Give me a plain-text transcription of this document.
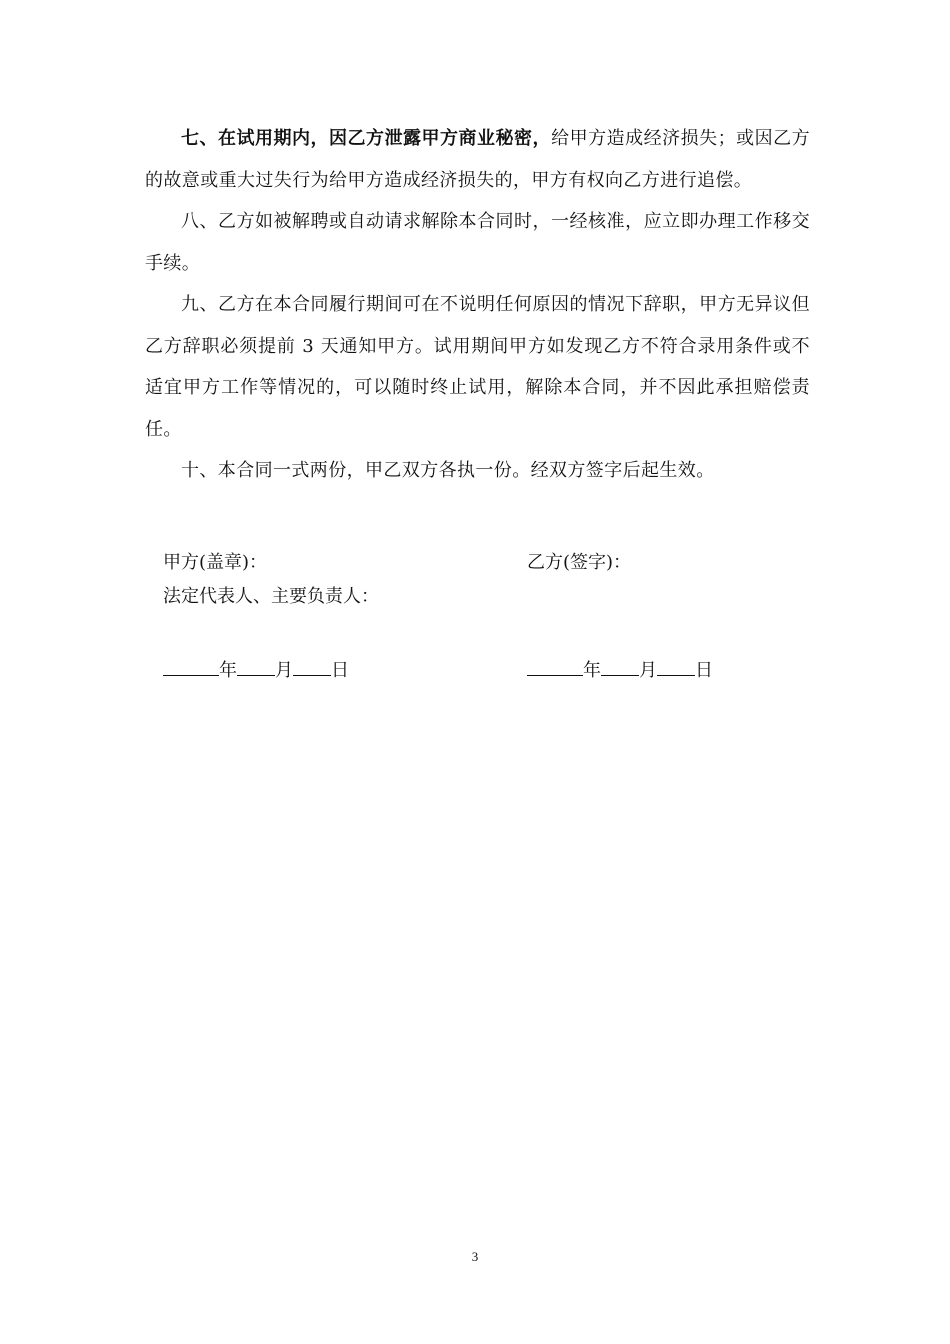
七、在试用期内，因乙方泄露甲方商业秘密，给甲方造成经济损失；或因乙方的故意或重大过失行为给甲方造成经济损失的，甲方有权向乙方进行追偿。

八、乙方如被解聘或自动请求解除本合同时，一经核准，应立即办理工作移交手续。

九、乙方在本合同履行期间可在不说明任何原因的情况下辞职，甲方无异议但乙方辞职必须提前 3 天通知甲方。试用期间甲方如发现乙方不符合录用条件或不适宜甲方工作等情况的，可以随时终止试用，解除本合同，并不因此承担赔偿责任。

十、本合同一式两份，甲乙双方各执一份。经双方签字后起生效。

甲方(盖章)：	乙方(签字)：
法定代表人、主要负责人：
年 月 日	年 月 日
3
